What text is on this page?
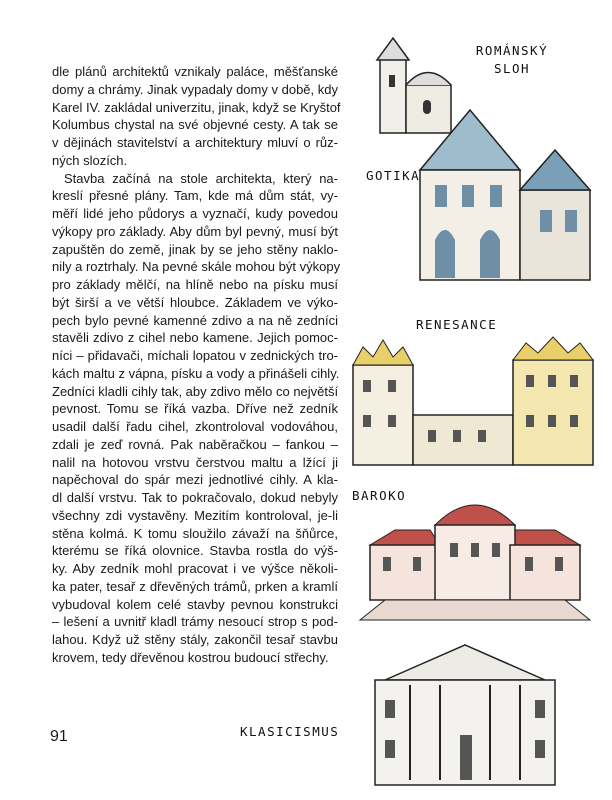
dle plánů architektů vznikaly paláce, měšťanské
domy a chrámy. Jinak vypadaly domy v době, kdy
Karel IV. zakládal univerzitu, jinak, když se Kryštof
Kolumbus chystal na své objevné cesty. A tak se
v dějinách stavitelství a architektury mluví o růz-
ných slozích.
Stavba začíná na stole architekta, který na-
kreslí přesné plány. Tam, kde má dům stát, vy-
měří lidé jeho půdorys a vyznačí, kudy povedou
výkopy pro základy. Aby dům byl pevný, musí být
zapuštěn do země, jinak by se jeho stěny naklo-
nily a roztrhaly. Na pevné skále mohou být výkopy
pro základy mělčí, na hlíně nebo na písku musí
být širší a ve větší hloubce. Základem ve výko-
pech bylo pevné kamenné zdivo a na ně zedníci
stavěli zdivo z cihel nebo kamene. Jejich pomoc-
níci – přidavači, míchali lopatou v zednických tro-
kách maltu z vápna, písku a vody a přinášeli cihly.
Zedníci kladli cihly tak, aby zdivo mělo co největší
pevnost. Tomu se říká vazba. Dříve než zedník
usadil další řadu cihel, zkontroloval vodováhou,
zdali je zeď rovná. Pak naběračkou – fankou –
nalil na hotovou vrstvu čerstvou maltu a lžící ji
napěchoval do spár mezi jednotlivé cihly. A kla-
dl další vrstvu. Tak to pokračovalo, dokud nebyly
všechny zdi vystavěny. Mezitím kontroloval, je-li
stěna kolmá. K tomu sloužilo závaží na šňůrce,
kterému se říká olovnice. Stavba rostla do výš-
ky. Aby zedník mohl pracovat i ve výšce několi-
ka pater, tesař z dřevěných trámů, prken a kramlí
vybudoval kolem celé stavby pevnou konstrukci
– lešení a uvnitř kladl trámy nesoucí strop s pod-
lahou. Když už stěny stály, zakončil tesař stavbu
krovem, tedy dřevěnou kostrou budoucí střechy.
ROMÁNSKÝ
SLOH
GOTIKA
RENESANCE
BAROKO
KLASICISMUS
91
